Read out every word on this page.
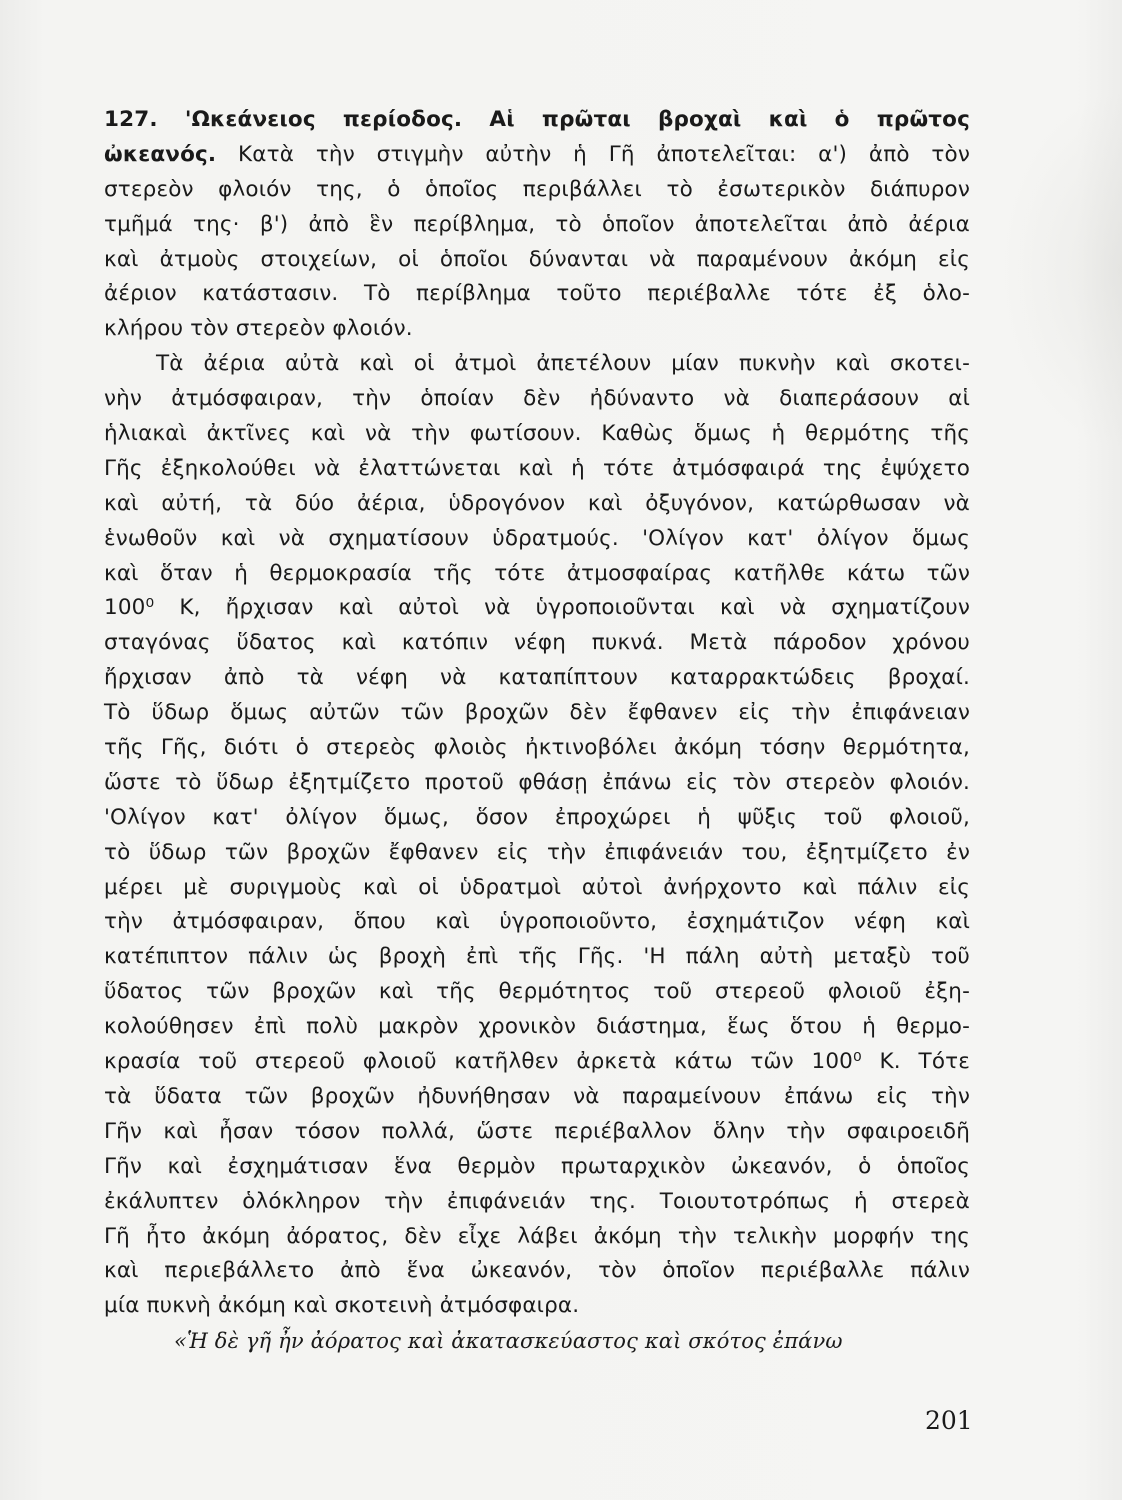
127. 'Ωκεάνειος περίοδος. Αἱ πρῶται βροχαὶ καὶ ὁ πρῶτος
ὠκεανός. Κατὰ τὴν στιγμὴν αὐτὴν ἡ Γῆ ἀποτελεῖται: α') ἀπὸ τὸν
στερεὸν φλοιόν της, ὁ ὁποῖος περιβάλλει τὸ ἐσωτερικὸν διάπυρον
τμῆμά της· β') ἀπὸ ἓν περίβλημα, τὸ ὁποῖον ἀποτελεῖται ἀπὸ ἀέρια
καὶ ἀτμοὺς στοιχείων, οἱ ὁποῖοι δύνανται νὰ παραμένουν ἀκόμη εἰς
ἀέριον κατάστασιν. Τὸ περίβλημα τοῦτο περιέβαλλε τότε ἐξ ὁλο-
κλήρου τὸν στερεὸν φλοιόν.
Τὰ ἀέρια αὐτὰ καὶ οἱ ἀτμοὶ ἀπετέλουν μίαν πυκνὴν καὶ σκοτει-
νὴν ἀτμόσφαιραν, τὴν ὁποίαν δὲν ἠδύναντο νὰ διαπεράσουν αἱ
ἡλιακαὶ ἀκτῖνες καὶ νὰ τὴν φωτίσουν. Καθὼς ὅμως ἡ θερμότης τῆς
Γῆς ἐξηκολούθει νὰ ἐλαττώνεται καὶ ἡ τότε ἀτμόσφαιρά της ἐψύχετο
καὶ αὐτή, τὰ δύο ἀέρια, ὑδρογόνον καὶ ὀξυγόνον, κατώρθωσαν νὰ
ἑνωθοῦν καὶ νὰ σχηματίσουν ὑδρατμούς. 'Ολίγον κατ' ὀλίγον ὅμως
καὶ ὅταν ἡ θερμοκρασία τῆς τότε ἀτμοσφαίρας κατῆλθε κάτω τῶν
100⁰ Κ, ἤρχισαν καὶ αὐτοὶ νὰ ὑγροποιοῦνται καὶ νὰ σχηματίζουν
σταγόνας ὕδατος καὶ κατόπιν νέφη πυκνά. Μετὰ πάροδον χρόνου
ἤρχισαν ἀπὸ τὰ νέφη νὰ καταπίπτουν καταρρακτώδεις βροχαί.
Τὸ ὕδωρ ὅμως αὐτῶν τῶν βροχῶν δὲν ἔφθανεν εἰς τὴν ἐπιφάνειαν
τῆς Γῆς, διότι ὁ στερεὸς φλοιὸς ἠκτινοβόλει ἀκόμη τόσην θερμότητα,
ὥστε τὸ ὕδωρ ἐξητμίζετο προτοῦ φθάσῃ ἐπάνω εἰς τὸν στερεὸν φλοιόν.
'Ολίγον κατ' ὀλίγον ὅμως, ὅσον ἐπροχώρει ἡ ψῦξις τοῦ φλοιοῦ,
τὸ ὕδωρ τῶν βροχῶν ἔφθανεν εἰς τὴν ἐπιφάνειάν του, ἐξητμίζετο ἐν
μέρει μὲ συριγμοὺς καὶ οἱ ὑδρατμοὶ αὐτοὶ ἀνήρχοντο καὶ πάλιν εἰς
τὴν ἀτμόσφαιραν, ὅπου καὶ ὑγροποιοῦντο, ἐσχημάτιζον νέφη καὶ
κατέπιπτον πάλιν ὡς βροχὴ ἐπὶ τῆς Γῆς. 'Η πάλη αὐτὴ μεταξὺ τοῦ
ὕδατος τῶν βροχῶν καὶ τῆς θερμότητος τοῦ στερεοῦ φλοιοῦ ἐξη-
κολούθησεν ἐπὶ πολὺ μακρὸν χρονικὸν διάστημα, ἕως ὅτου ἡ θερμο-
κρασία τοῦ στερεοῦ φλοιοῦ κατῆλθεν ἀρκετὰ κάτω τῶν 100⁰ Κ. Τότε
τὰ ὕδατα τῶν βροχῶν ἠδυνήθησαν νὰ παραμείνουν ἐπάνω εἰς τὴν
Γῆν καὶ ἦσαν τόσον πολλά, ὥστε περιέβαλλον ὅλην τὴν σφαιροειδῆ
Γῆν καὶ ἐσχημάτισαν ἕνα θερμὸν πρωταρχικὸν ὠκεανόν, ὁ ὁποῖος
ἐκάλυπτεν ὁλόκληρον τὴν ἐπιφάνειάν της. Τοιουτοτρόπως ἡ στερεὰ
Γῆ ἦτο ἀκόμη ἀόρατος, δὲν εἶχε λάβει ἀκόμη τὴν τελικὴν μορφήν της
καὶ περιεβάλλετο ἀπὸ ἕνα ὠκεανόν, τὸν ὁποῖον περιέβαλλε πάλιν
μία πυκνὴ ἀκόμη καὶ σκοτεινὴ ἀτμόσφαιρα.
«Ἡ δὲ γῆ ἦν ἀόρατος καὶ ἀκατασκεύαστος καὶ σκότος ἐπάνω
201
